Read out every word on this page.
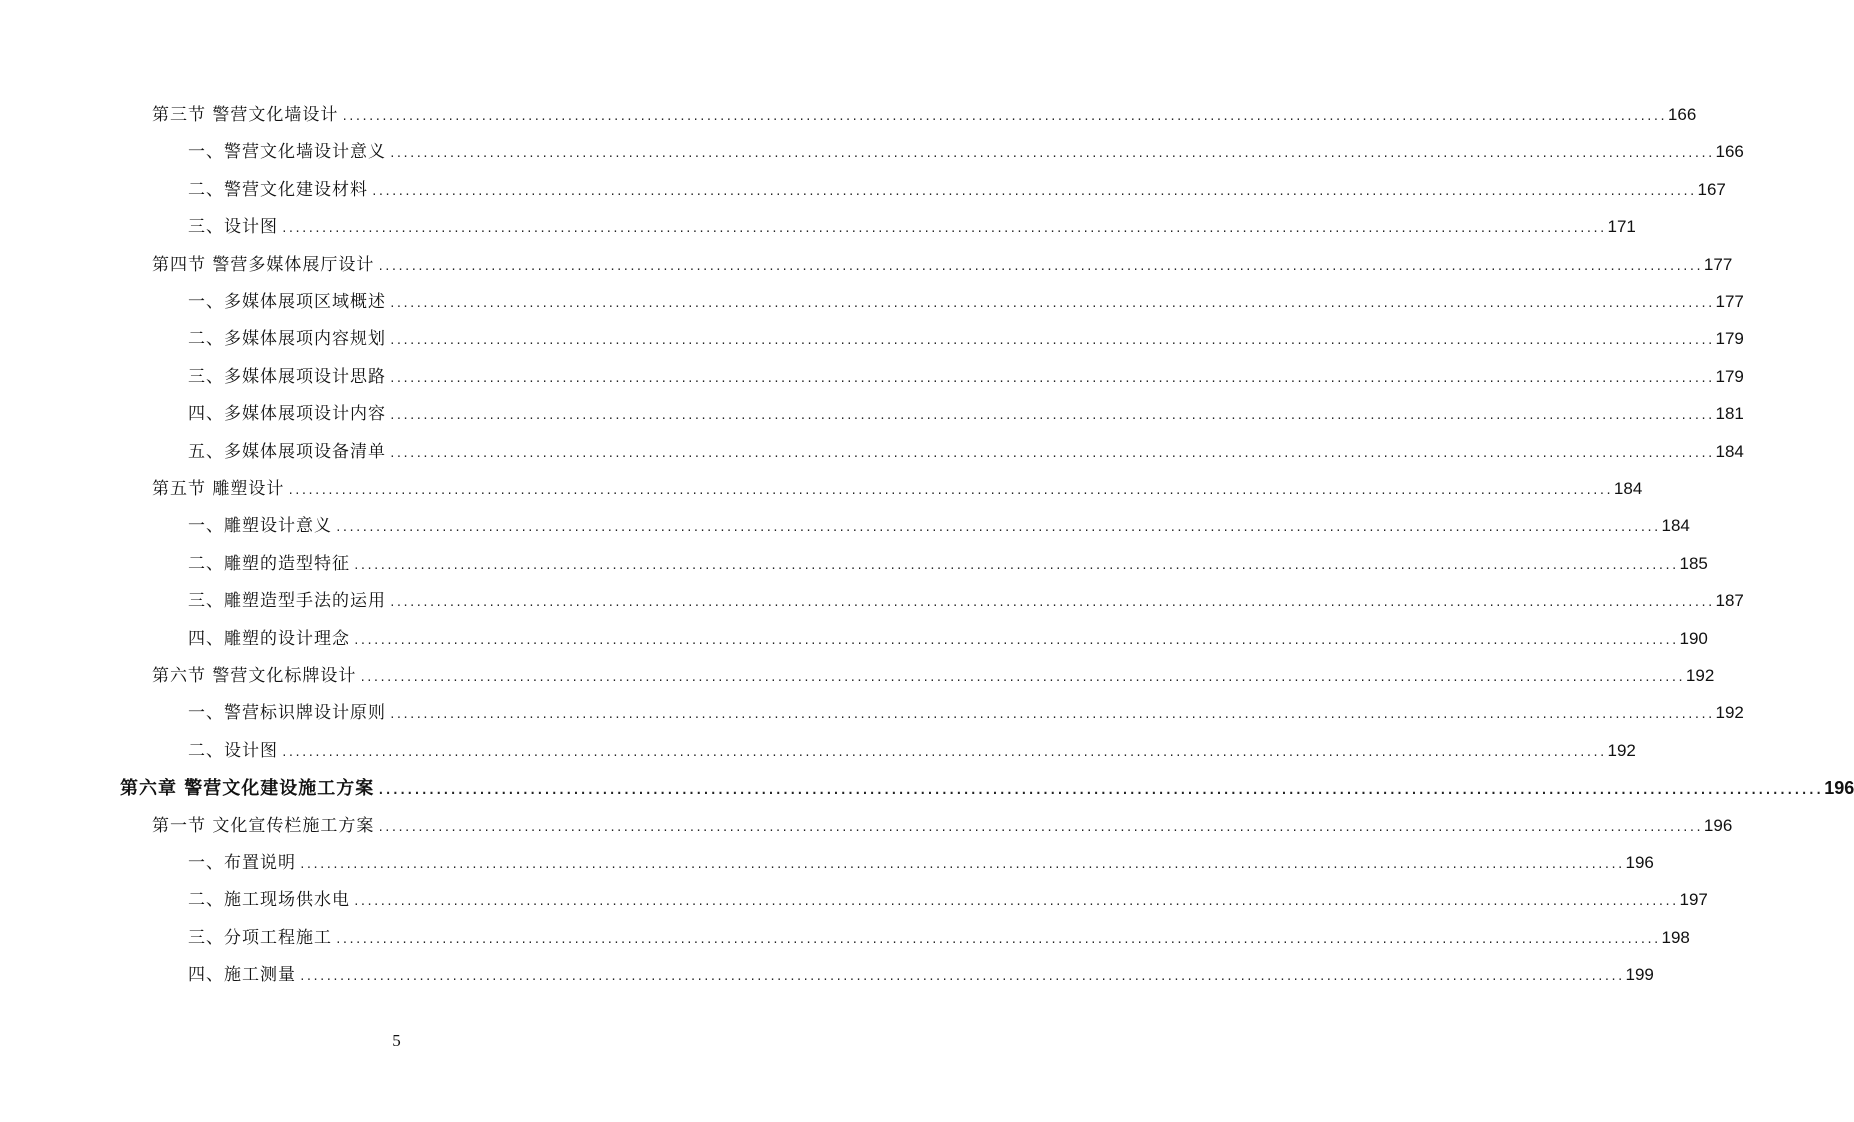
第三节 警营文化墙设计 ........................................................................................................................................................................................................ 166
一、警营文化墙设计意义 ........................................................................................................................................................................................................ 166
二、警营文化建设材料 ........................................................................................................................................................................................................ 167
三、设计图 ........................................................................................................................................................................................................ 171
第四节 警营多媒体展厅设计 ........................................................................................................................................................................................................ 177
一、多媒体展项区域概述 ........................................................................................................................................................................................................ 177
二、多媒体展项内容规划 ........................................................................................................................................................................................................ 179
三、多媒体展项设计思路 ........................................................................................................................................................................................................ 179
四、多媒体展项设计内容 ........................................................................................................................................................................................................ 181
五、多媒体展项设备清单 ........................................................................................................................................................................................................ 184
第五节 雕塑设计 ........................................................................................................................................................................................................ 184
一、雕塑设计意义 ........................................................................................................................................................................................................ 184
二、雕塑的造型特征 ........................................................................................................................................................................................................ 185
三、雕塑造型手法的运用 ........................................................................................................................................................................................................ 187
四、雕塑的设计理念 ........................................................................................................................................................................................................ 190
第六节 警营文化标牌设计 ........................................................................................................................................................................................................ 192
一、警营标识牌设计原则 ........................................................................................................................................................................................................ 192
二、设计图 ........................................................................................................................................................................................................ 192
第六章 警营文化建设施工方案 ........................................................................................................................................................................................................ 196
第一节 文化宣传栏施工方案 ........................................................................................................................................................................................................ 196
一、布置说明 ........................................................................................................................................................................................................ 196
二、施工现场供水电 ........................................................................................................................................................................................................ 197
三、分项工程施工 ........................................................................................................................................................................................................ 198
四、施工测量 ........................................................................................................................................................................................................ 199
5
